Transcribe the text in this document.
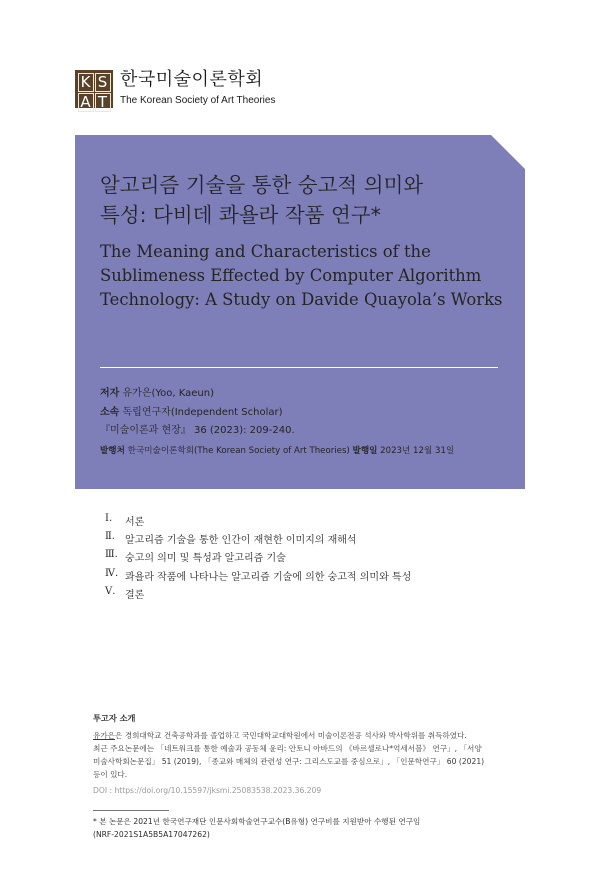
K S
A T
한국미술이론학회
The Korean Society of Art Theories
알고리즘 기술을 통한 숭고적 의미와
특성: 다비데 콰욜라 작품 연구*
The Meaning and Characteristics of the
Sublimeness Effected by Computer Algorithm
Technology: A Study on Davide Quayola’s Works
저자 유가은(Yoo, Kaeun)
소속 독립연구자(Independent Scholar)
『미술이론과 현장』 36 (2023): 209-240.
발행처 한국미술이론학회(The Korean Society of Art Theories) 발행일 2023년 12월 31일
Ⅰ.	서론
Ⅱ.	알고리즘 기술을 통한 인간이 재현한 이미지의 재해석
Ⅲ. 숭고의 의미 및 특성과 알고리즘 기술
Ⅳ. 콰욜라 작품에 나타나는 알고리즘 기술에 의한 숭고적 의미와 특성
Ⅴ. 결론
투고자 소개
유가은은 경희대학교 건축공학과를 졸업하고 국민대학교대학원에서 미술이론전공 석사와 박사학위를 취득하였다.
최근 주요논문에는 「네트워크를 통한 예술과 공동체 윤리: 안토니 아바드의 《바르셀로나*억세서블》 연구」, 「서양
미술사학회논문집」 51 (2019), 「종교와 매체의 관련성 연구: 그리스도교를 중심으로」, 「인문학연구」 60 (2021)
등이 있다.
DOI : https://doi.org/10.15597/jksmi.25083538.2023.36.209
* 본 논문은 2021년 한국연구재단 인문사회학술연구교수(B유형) 연구비를 지원받아 수행된 연구임
(NRF-2021S1A5B5A17047262)
